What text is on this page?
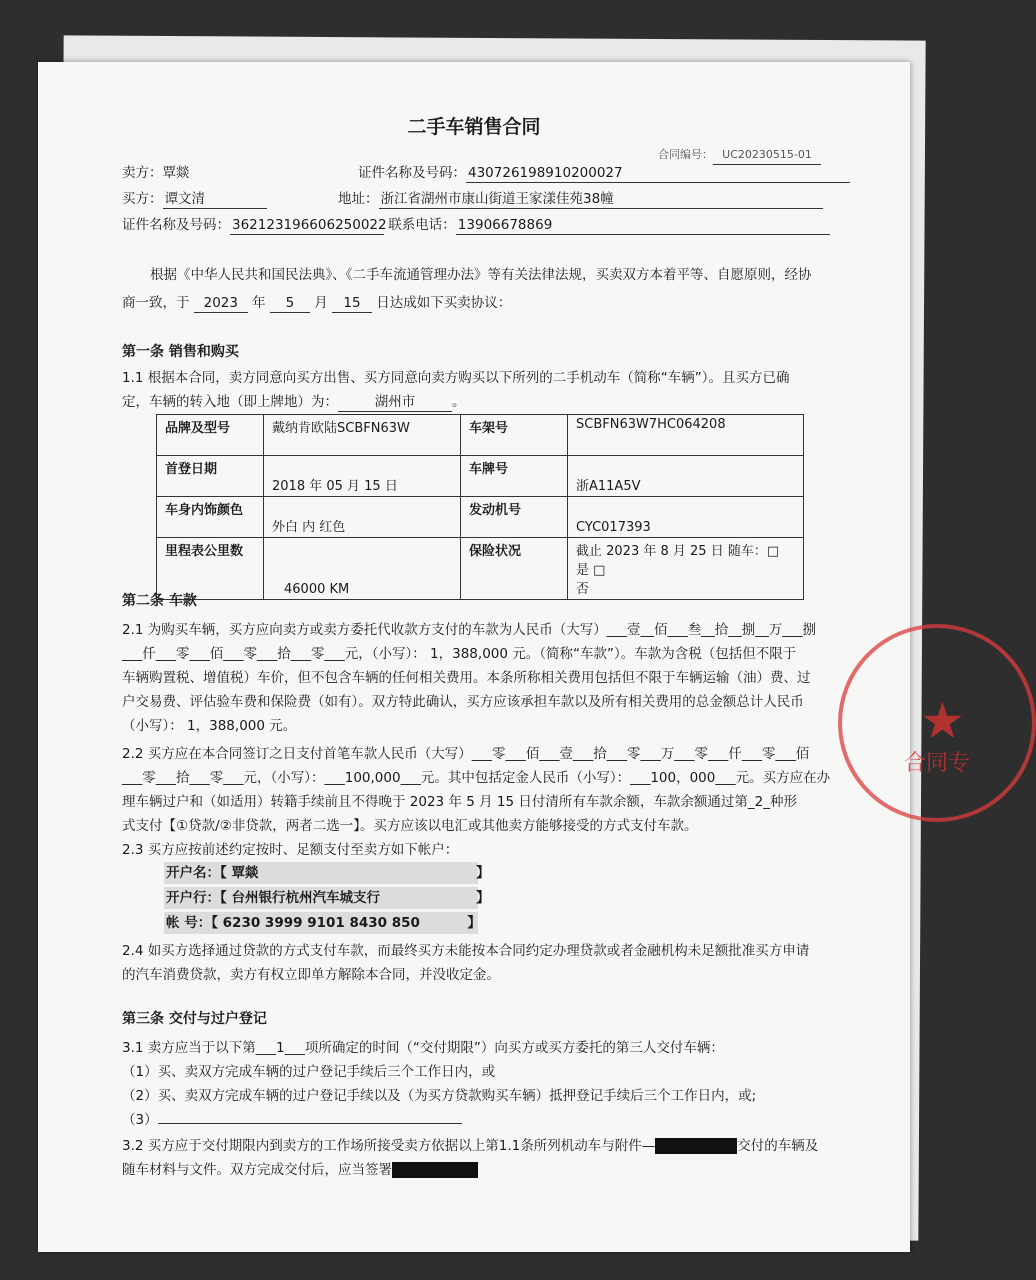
二手车销售合同
合同编号： UC20230515-01
卖方：覃燚	证件名称及号码： 430726198910200027
买方： 谭文清	地址： 浙江省湖州市康山街道王家漾佳苑38幢
证件名称及号码： 362123196606250022 联系电话： 13906678869
根据《中华人民共和国民法典》、《二手车流通管理办法》等有关法律法规，买卖双方本着平等、自愿原则，经协
商一致，于 2023 年 5 月 15 日达成如下买卖协议：
第一条 销售和购买
1.1 根据本合同，卖方同意向买方出售、买方同意向卖方购买以下所列的二手机动车（简称“车辆”）。且买方已确
定，车辆的转入地（即上牌地）为：	湖州市	。
品牌及型号	戴纳肯欧陆SCBFN63W	车架号	SCBFN63W7HC064208
首登日期	2018 年 05 月 15 日	车牌号	浙A11A5V
车身内饰颜色	外白 内 红色	发动机号	CYC017393
里程表公里数	46000 KM	保险状况	截止 2023 年 8 月 25 日 随车：□ 是 □
否
第二条 车款
2.1 为购买车辆，买方应向卖方或卖方委托代收款方支付的车款为人民币（大写）___壹__佰___叁__拾__捌__万___捌
___仟___零___佰___零___拾___零___元，（小写）： 1，388,000 元。（简称“车款”）。车款为含税（包括但不限于
车辆购置税、增值税）车价，但不包含车辆的任何相关费用。本条所称相关费用包括但不限于车辆运输（油）费、过
户交易费、评估验车费和保险费（如有）。双方特此确认，买方应该承担车款以及所有相关费用的总金额总计人民币
（小写）： 1，388,000 元。
2.2 买方应在本合同签订之日支付首笔车款人民币（大写）___零___佰___壹___拾___零___万___零___仟___零___佰
___零___拾___零___元，（小写）：___100,000___元。其中包括定金人民币（小写）：___100，000___元。买方应在办
理车辆过户和（如适用）转籍手续前且不得晚于 2023 年 5 月 15 日付清所有车款余额，车款余额通过第_2_种形
式支付【①贷款/②非贷款，两者二选一】。买方应该以电汇或其他卖方能够接受的方式支付车款。
2.3 买方应按前述约定按时、足额支付至卖方如下帐户：
开户名：【 覃燚	】
开户行：【 台州银行杭州汽车城支行	】
帐 号：【 6230 3999 9101 8430 850	】
2.4 如买方选择通过贷款的方式支付车款，而最终买方未能按本合同约定办理贷款或者金融机构未足额批准买方申请
的汽车消费贷款，卖方有权立即单方解除本合同，并没收定金。
第三条 交付与过户登记
3.1 卖方应当于以下第___1___项所确定的时间（“交付期限”）向买方或买方委托的第三人交付车辆：
（1）买、卖双方完成车辆的过户登记手续后三个工作日内，或
（2）买、卖双方完成车辆的过户登记手续以及（为买方贷款购买车辆）抵押登记手续后三个工作日内，或;
（3）
3.2 买方应于交付期限内到卖方的工作场所接受卖方依据以上第1.1条所列机动车与附件—	交付的车辆及
随车材料与文件。双方完成交付后，应当签署
★
合同专
